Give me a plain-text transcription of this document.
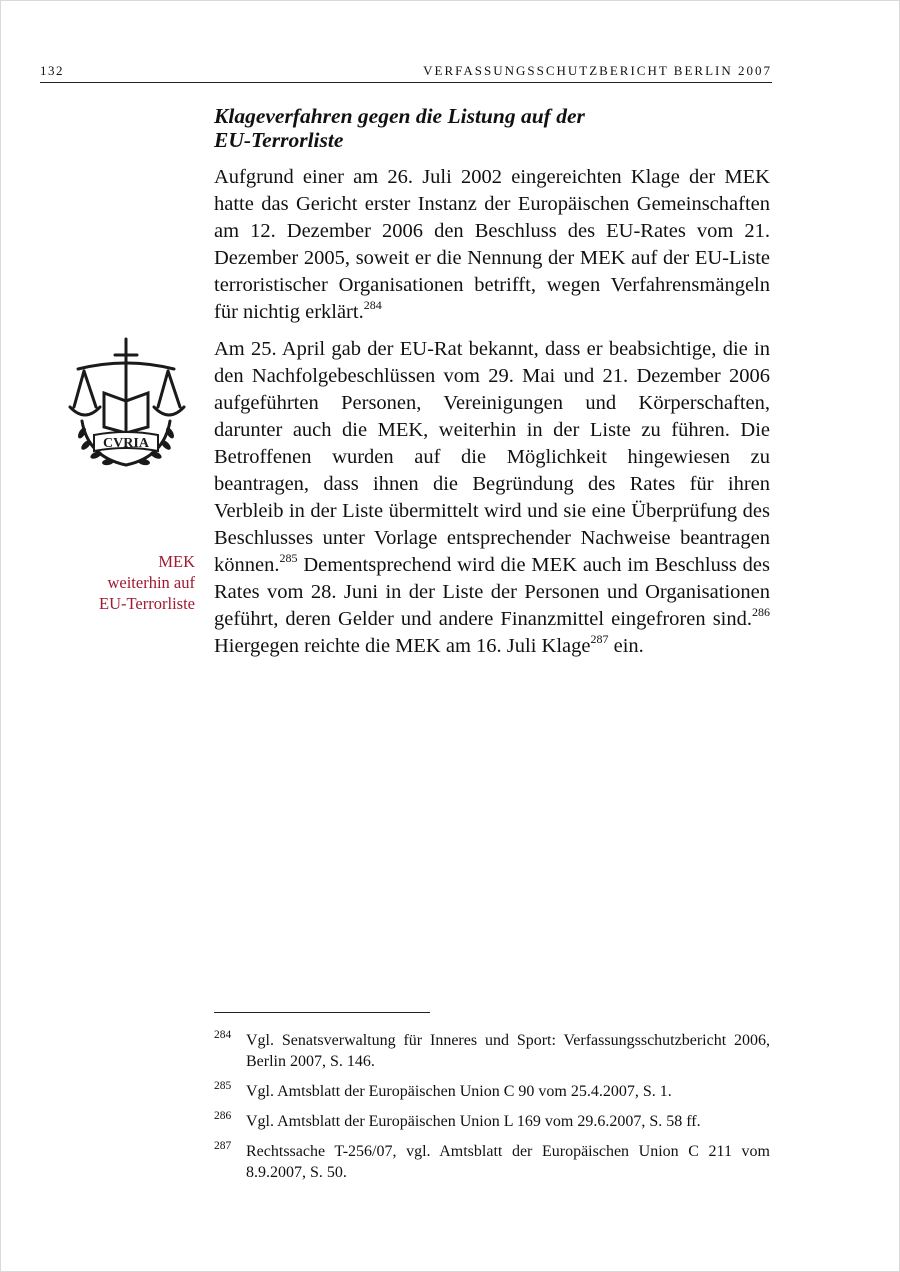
132	VERFASSUNGSSCHUTZBERICHT BERLIN 2007
Klageverfahren gegen die Listung auf der
EU-Terrorliste

Aufgrund einer am 26. Juli 2002 eingereichten Klage der MEK hatte das Gericht erster Instanz der Europäischen Gemeinschaften am 12. Dezember 2006 den Beschluss des EU-Rates vom 21. Dezember 2005, soweit er die Nennung der MEK auf der EU-Liste terroristischer Organisationen betrifft, wegen Verfahrensmängeln für nichtig erklärt.$^{284}$

CVRIA

Am 25. April gab der EU-Rat bekannt, dass er beabsichtige, die in den Nachfolgebeschlüssen vom 29. Mai und 21. Dezember 2006 aufgeführten Personen, Vereinigungen und Körperschaften, darunter auch die MEK, weiterhin in der Liste zu führen. Die Betroffenen wurden auf die Möglichkeit hingewiesen zu beantragen, dass ihnen die Begründung des Rates für ihren Verbleib in der Liste übermittelt wird und sie eine Überprüfung des Beschlusses unter Vorlage entsprechender Nachweise beantragen können.$^{285}$ Dementsprechend wird die MEK auch im Beschluss des Rates vom 28. Juni in der Liste der Personen und Organisationen geführt, deren Gelder und andere Finanzmittel eingefroren sind.$^{286}$ Hiergegen reichte die MEK am 16. Juli Klage$^{287}$ ein.

MEK
weiterhin auf
EU-Terrorliste
284 Vgl. Senatsverwaltung für Inneres und Sport: Verfassungsschutzbericht 2006, Berlin 2007, S. 146.
285 Vgl. Amtsblatt der Europäischen Union C 90 vom 25.4.2007, S. 1.
286 Vgl. Amtsblatt der Europäischen Union L 169 vom 29.6.2007, S. 58 ff.
287 Rechtssache T-256/07, vgl. Amtsblatt der Europäischen Union C 211 vom 8.9.2007, S. 50.
